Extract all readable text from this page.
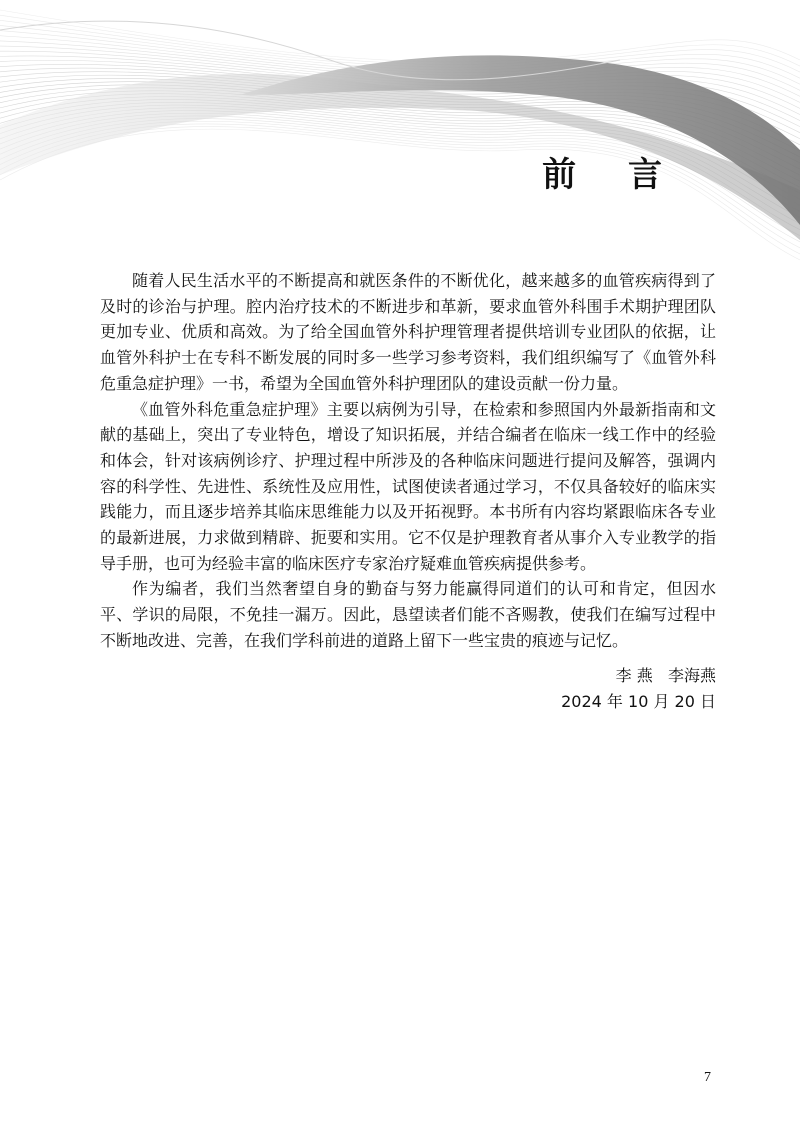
前 言

随着人民生活水平的不断提高和就医条件的不断优化，越来越多的血管疾病得到了及时的诊治与护理。腔内治疗技术的不断进步和革新，要求血管外科围手术期护理团队更加专业、优质和高效。为了给全国血管外科护理管理者提供培训专业团队的依据，让血管外科护士在专科不断发展的同时多一些学习参考资料，我们组织编写了《血管外科危重急症护理》一书，希望为全国血管外科护理团队的建设贡献一份力量。

《血管外科危重急症护理》主要以病例为引导，在检索和参照国内外最新指南和文献的基础上，突出了专业特色，增设了知识拓展，并结合编者在临床一线工作中的经验和体会，针对该病例诊疗、护理过程中所涉及的各种临床问题进行提问及解答，强调内容的科学性、先进性、系统性及应用性，试图使读者通过学习，不仅具备较好的临床实践能力，而且逐步培养其临床思维能力以及开拓视野。本书所有内容均紧跟临床各专业的最新进展，力求做到精辟、扼要和实用。它不仅是护理教育者从事介入专业教学的指导手册，也可为经验丰富的临床医疗专家治疗疑难血管疾病提供参考。

作为编者，我们当然奢望自身的勤奋与努力能赢得同道们的认可和肯定，但因水平、学识的局限，不免挂一漏万。因此，恳望读者们能不吝赐教，使我们在编写过程中不断地改进、完善，在我们学科前进的道路上留下一些宝贵的痕迹与记忆。

李 燕   李海燕
2024 年 10 月 20 日
7
